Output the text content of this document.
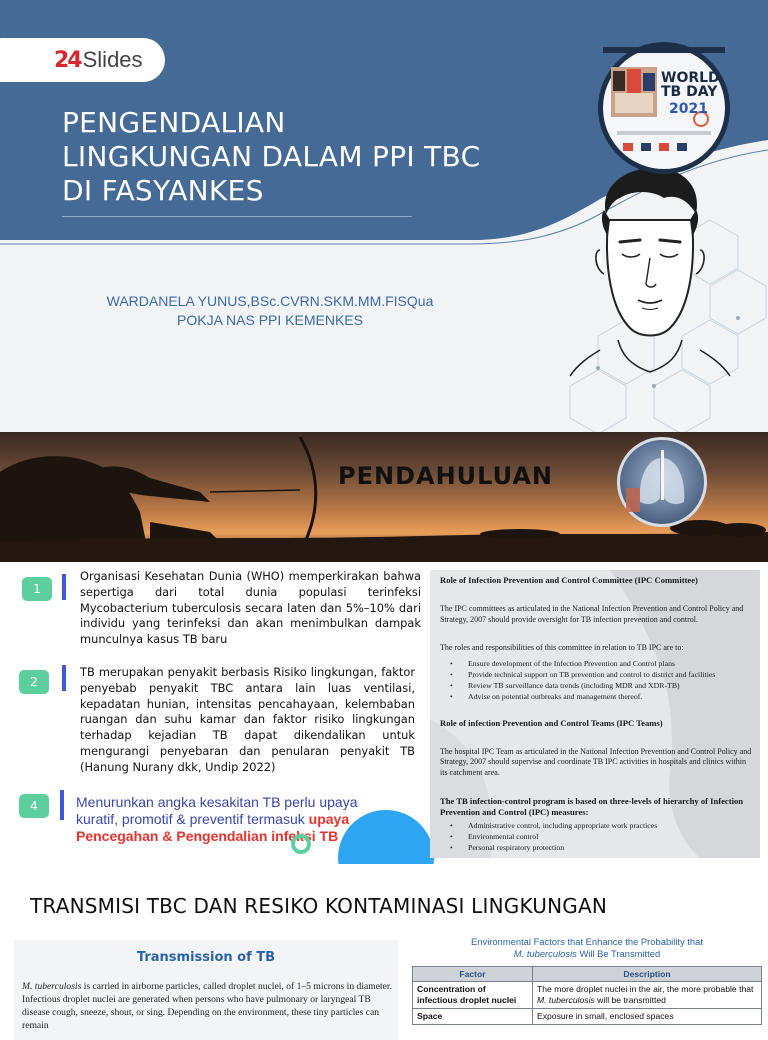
24 Slides
PENGENDALIAN LINGKUNGAN DALAM PPI TBC DI FASYANKES
WARDANELA YUNUS,BSc.CVRN.SKM.MM.FISQua
POKJA NAS PPI KEMENKES
WORLD
TB DAY
2021
PENDAHULUAN
1
Organisasi Kesehatan Dunia (WHO) memperkirakan bahwa sepertiga dari total dunia populasi terinfeksi Mycobacterium tuberculosis secara laten dan 5%–10% dari individu yang terinfeksi dan akan menimbulkan dampak munculnya kasus TB baru
2
TB merupakan penyakit berbasis Risiko lingkungan, faktor penyebab penyakit TBC antara lain luas ventilasi, kepadatan hunian, intensitas pencahayaan, kelembaban ruangan dan suhu kamar dan faktor risiko lingkungan terhadap kejadian TB dapat dikendalikan untuk mengurangi penyebaran dan penularan penyakit TB (Hanung Nurany dkk, Undip 2022)
4	Menurunkan angka kesakitan TB perlu upaya kuratif, promotif & preventif termasuk upaya Pencegahan & Pengendalian infeksi TB
Role of Infection Prevention and Control Committee (IPC Committee)
The IPC committees as articulated in the National Infection Prevention and Control Policy and Strategy, 2007 should provide oversight for TB infection prevention and control.
The roles and responsibilities of this committee in relation to TB IPC are to:
• Ensure development of the Infection Prevention and Control plans
• Provide technical support on TB prevention and control to district and facilities
• Review TB surveillance data trends (including MDR and XDR-TB)
• Advise on potential outbreaks and management thereof.
Role of infection Prevention and Control Teams (IPC Teams)
The hospital IPC Team as articulated in the National Infection Prevention and Control Policy and Strategy, 2007 should supervise and coordinate TB IPC activities in hospitals and clinics within its catchment area.
The TB infection-control program is based on three-levels of hierarchy of Infection Prevention and Control (IPC) measures:
• Administrative control, including appropriate work practices
• Environmental control
• Personal respiratory protection
TRANSMISI TBC DAN RESIKO KONTAMINASI LINGKUNGAN
Transmission of TB
M. tuberculosis is carried in airborne particles, called droplet nuclei, of 1–5 microns in diameter. Infectious droplet nuclei are generated when persons who have pulmonary or laryngeal TB disease cough, sneeze, shout, or sing. Depending on the environment, these tiny particles can remain
Environmental Factors that Enhance the Probability that
M. tuberculosis Will Be Transmitted
Factor	Description
Concentration of infectious droplet nuclei	The more droplet nuclei in the air, the more probable that M. tuberculosis will be transmitted
Space	Exposure in small, enclosed spaces
